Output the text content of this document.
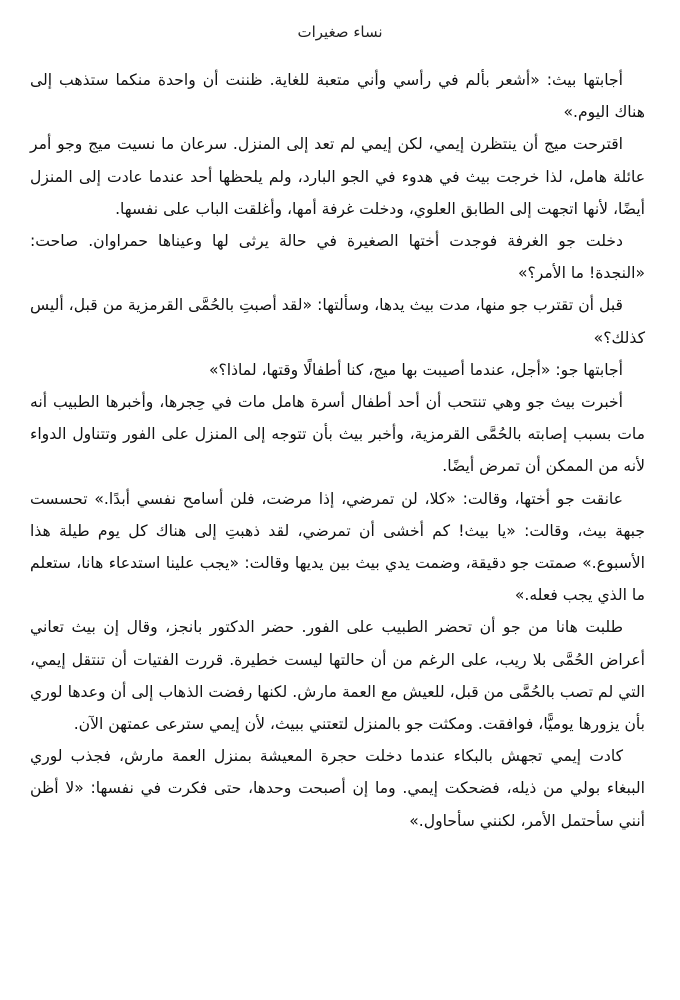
نساء صغيرات

أجابتها بيث: «أشعر بألم في رأسي وأني متعبة للغاية. ظننت أن واحدة منكما ستذهب إلى هناك اليوم.»

اقترحت ميج أن ينتظرن إيمي، لكن إيمي لم تعد إلى المنزل. سرعان ما نسيت ميج وجو أمر عائلة هامل، لذا خرجت بيث في هدوء في الجو البارد، ولم يلحظها أحد عندما عادت إلى المنزل أيضًا، لأنها اتجهت إلى الطابق العلوي، ودخلت غرفة أمها، وأغلقت الباب على نفسها.

دخلت جو الغرفة فوجدت أختها الصغيرة في حالة يرثى لها وعيناها حمراوان. صاحت: «النجدة! ما الأمر؟»

قبل أن تقترب جو منها، مدت بيث يدها، وسألتها: «لقد أصبتِ بالحُمَّى القرمزية من قبل، أليس كذلك؟»

أجابتها جو: «أجل، عندما أصيبت بها ميج، كنا أطفالًا وقتها، لماذا؟»

أخبرت بيث جو وهي تنتحب أن أحد أطفال أسرة هامل مات في حِجرها، وأخبرها الطبيب أنه مات بسبب إصابته بالحُمَّى القرمزية، وأخبر بيث بأن تتوجه إلى المنزل على الفور وتتناول الدواء لأنه من الممكن أن تمرض أيضًا.

عانقت جو أختها، وقالت: «كلا، لن تمرضي، إذا مرضت، فلن أسامح نفسي أبدًا.» تحسست جبهة بيث، وقالت: «يا بيث! كم أخشى أن تمرضي، لقد ذهبتِ إلى هناك كل يوم طيلة هذا الأسبوع.» صمتت جو دقيقة، وضمت يدي بيث بين يديها وقالت: «يجب علينا استدعاء هانا، ستعلم ما الذي يجب فعله.»

طلبت هانا من جو أن تحضر الطبيب على الفور. حضر الدكتور بانجز، وقال إن بيث تعاني أعراض الحُمَّى بلا ريب، على الرغم من أن حالتها ليست خطيرة. قررت الفتيات أن تنتقل إيمي، التي لم تصب بالحُمَّى من قبل، للعيش مع العمة مارش. لكنها رفضت الذهاب إلى أن وعدها لوري بأن يزورها يوميًّا، فوافقت. ومكثت جو بالمنزل لتعتني ببيث، لأن إيمي سترعى عمتهن الآن.

كادت إيمي تجهش بالبكاء عندما دخلت حجرة المعيشة بمنزل العمة مارش، فجذب لوري الببغاء بولي من ذيله، فضحكت إيمي. وما إن أصبحت وحدها، حتى فكرت في نفسها: «لا أظن أنني سأحتمل الأمر، لكنني سأحاول.»
